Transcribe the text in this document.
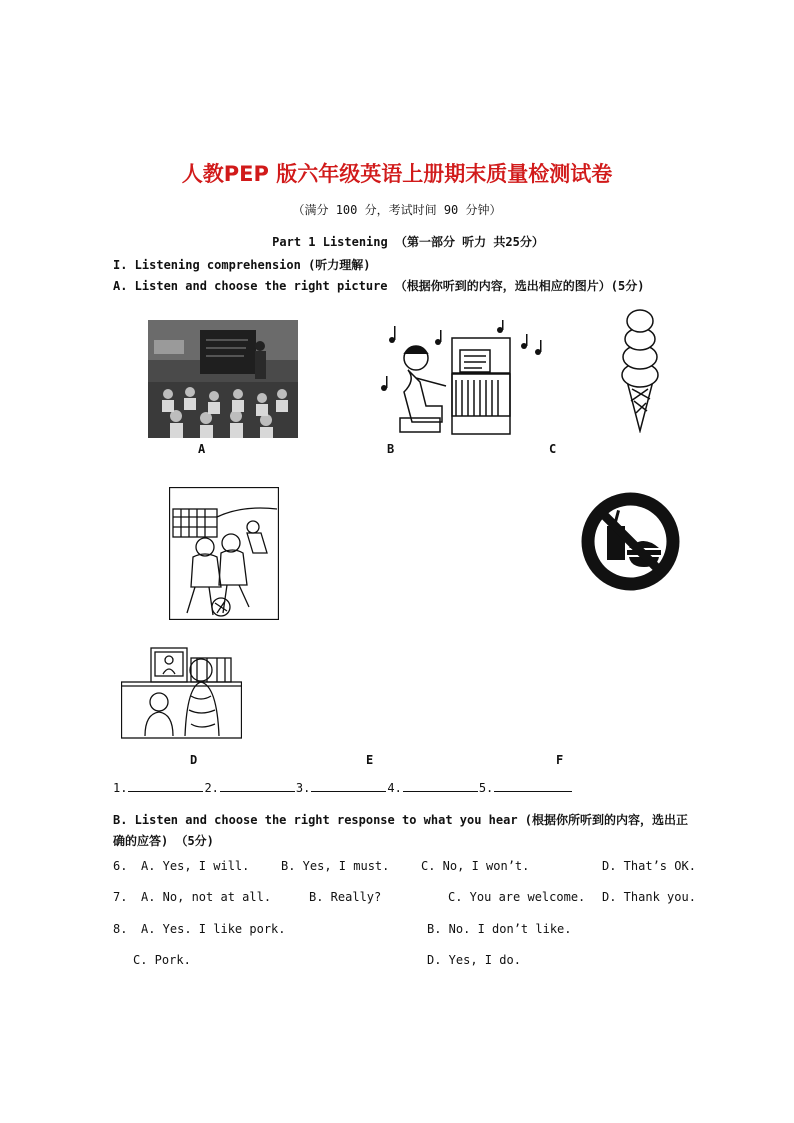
人教PEP 版六年级英语上册期末质量检测试卷
（满分 100 分，考试时间 90 分钟）
Part 1 Listening （第一部分 听力 共25分）
I. Listening comprehension (听力理解)
A. Listen and choose the right picture （根据你听到的内容，选出相应的图片）(5分)
A	B	C
D	E	F
1.	2.	3.	4.	5.
B. Listen and choose the right response to what you hear (根据你所听到的内容，选出正
确的应答) （5分)
6. A. Yes, I will.	B. Yes, I must.	C. No, I won’t.	D. That’s OK.
7. A. No, not at all.	B. Really?	C. You are welcome. D. Thank you.
8. A. Yes. I like pork.	B. No. I don’t like.
C. Pork.	D. Yes, I do.
